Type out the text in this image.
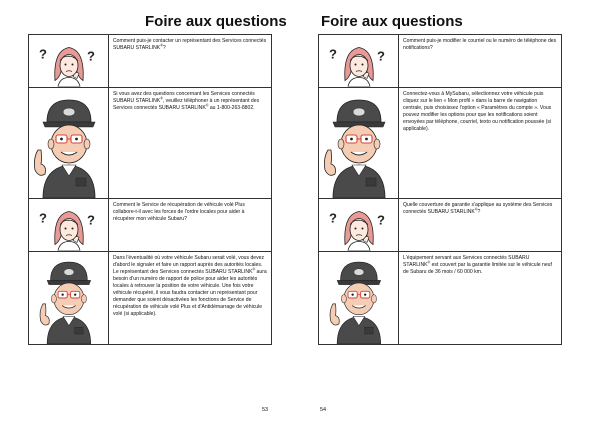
Foire aux questions
Comment puis-je contacter un représentant des Services connectés SUBARU STARLINK®?
Si vous avez des questions concernant les Services connectés SUBARU STARLINK®, veuillez téléphoner à un représentant des Services connectés SUBARU STARLINK® au 1-800-263-8802.
Comment le Service de récupération de véhicule volé Plus collabore-t-il avec les forces de l'ordre locales pour aider à récupérer mon véhicule Subaru?
Dans l'éventualité où votre véhicule Subaru serait volé, vous devez d'abord le signaler et faire un rapport auprès des autorités locales. Le représentant des Services connectés SUBARU STARLINK® aura besoin d'un numéro de rapport de police pour aider les autorités locales à retrouver la position de votre véhicule. Une fois votre véhicule récupéré, il vous faudra contacter un représentant pour demander que soient désactivées les fonctions de Service de récupération de véhicule volé Plus et d'Antidémarrage de véhicule volé (si applicable).
53
Foire aux questions
Comment puis-je modifier le courriel ou le numéro de téléphone des notifications?
Connectez-vous à MySubaru, sélectionnez votre véhicule puis cliquez sur le lien « Mon profil » dans la barre de navigation centrale, puis choisissez l'option « Paramètres du compte ». Vous pouvez modifier les options pour que les notifications soient envoyées par téléphone, courriel, texto ou notification poussée (si applicable).
Quelle couverture de garantie s'applique au système des Services connectés SUBARU STARLINK®?
L'équipement servant aux Services connectés SUBARU STARLINK® est couvert par la garantie limitée sur le véhicule neuf de Subaru de 36 mois / 60 000 km.
54
